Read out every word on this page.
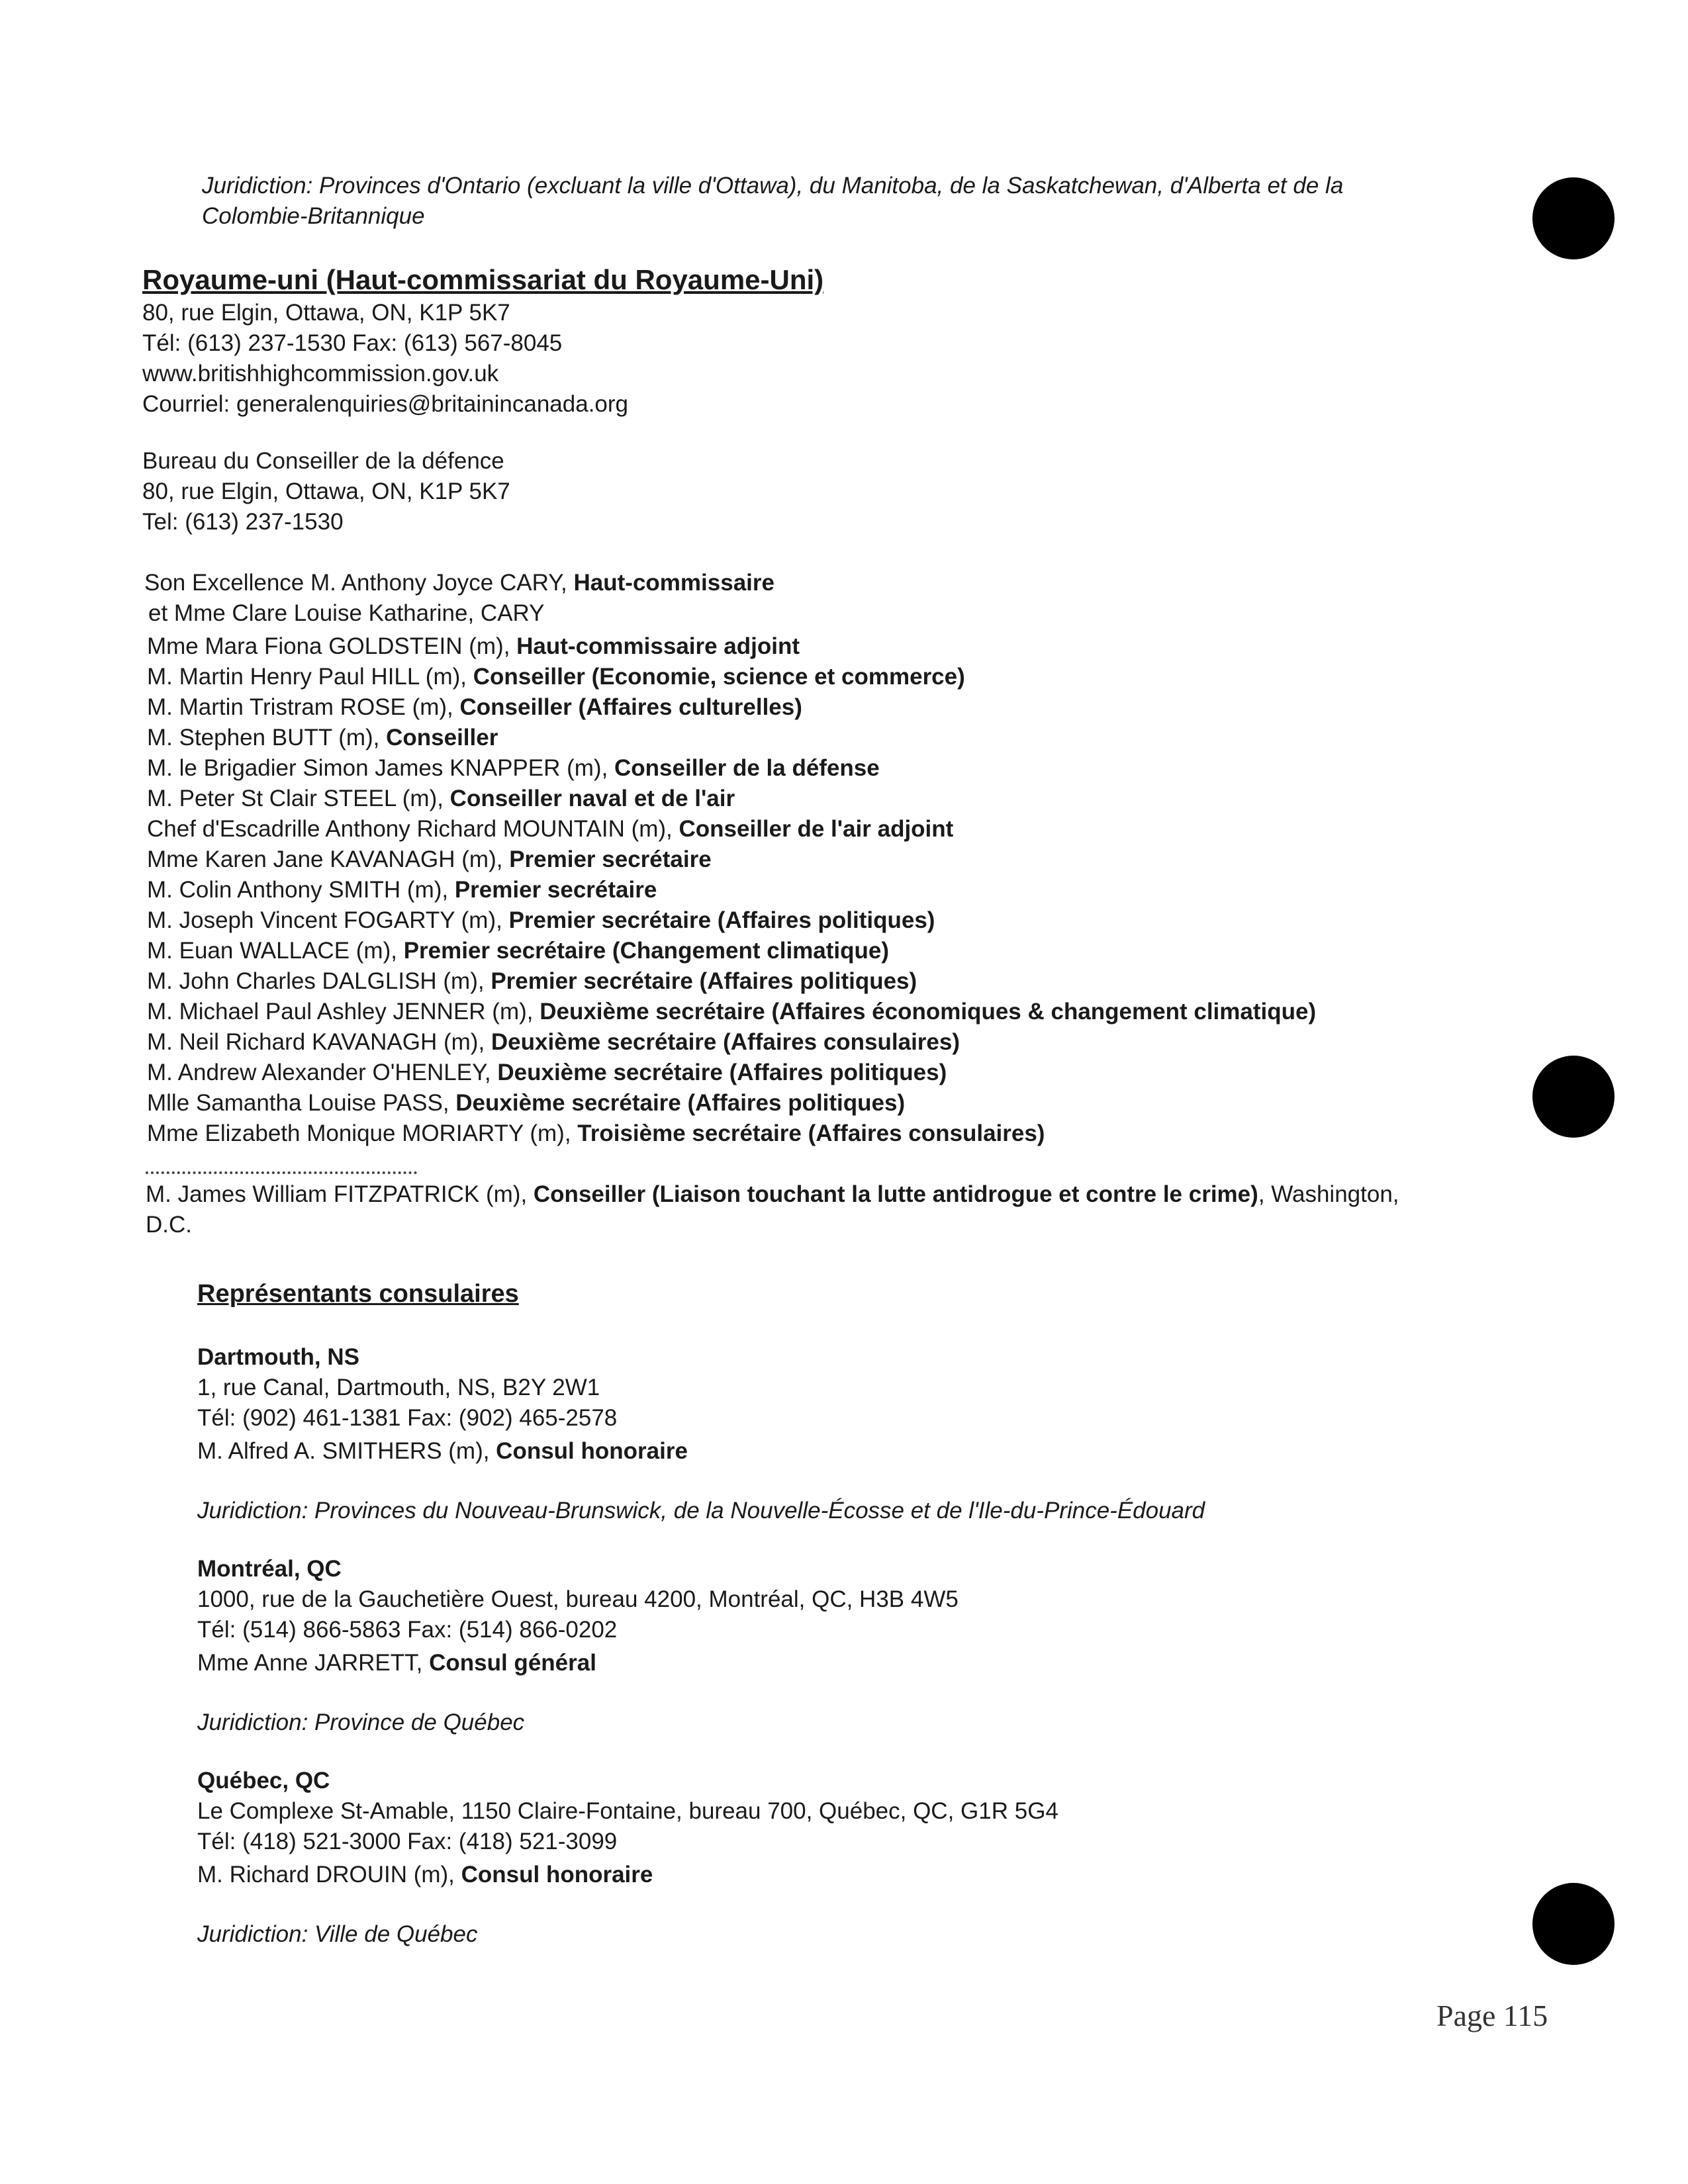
Juridiction: Provinces d'Ontario (excluant la ville d'Ottawa), du Manitoba, de la Saskatchewan, d'Alberta et de la
Colombie-Britannique
Royaume-uni (Haut-commissariat du Royaume-Uni)
80, rue Elgin, Ottawa, ON, K1P 5K7
Tél: (613) 237-1530 Fax: (613) 567-8045
www.britishhighcommission.gov.uk
Courriel: generalenquiries@britainincanada.org
Bureau du Conseiller de la défence
80, rue Elgin, Ottawa, ON, K1P 5K7
Tel: (613) 237-1530
Son Excellence M. Anthony Joyce CARY, Haut-commissaire
et Mme Clare Louise Katharine, CARY
Mme Mara Fiona GOLDSTEIN (m), Haut-commissaire adjoint
M. Martin Henry Paul HILL (m), Conseiller (Economie, science et commerce)
M. Martin Tristram ROSE (m), Conseiller (Affaires culturelles)
M. Stephen BUTT (m), Conseiller
M. le Brigadier Simon James KNAPPER (m), Conseiller de la défense
M. Peter St Clair STEEL (m), Conseiller naval et de l'air
Chef d'Escadrille Anthony Richard MOUNTAIN (m), Conseiller de l'air adjoint
Mme Karen Jane KAVANAGH (m), Premier secrétaire
M. Colin Anthony SMITH (m), Premier secrétaire
M. Joseph Vincent FOGARTY (m), Premier secrétaire (Affaires politiques)
M. Euan WALLACE (m), Premier secrétaire (Changement climatique)
M. John Charles DALGLISH (m), Premier secrétaire (Affaires politiques)
M. Michael Paul Ashley JENNER (m), Deuxième secrétaire (Affaires économiques & changement climatique)
M. Neil Richard KAVANAGH (m), Deuxième secrétaire (Affaires consulaires)
M. Andrew Alexander O'HENLEY, Deuxième secrétaire (Affaires politiques)
Mlle Samantha Louise PASS, Deuxième secrétaire (Affaires politiques)
Mme Elizabeth Monique MORIARTY (m), Troisième secrétaire (Affaires consulaires)
M. James William FITZPATRICK (m), Conseiller (Liaison touchant la lutte antidrogue et contre le crime), Washington,
D.C.
Représentants consulaires
Dartmouth, NS
1, rue Canal, Dartmouth, NS, B2Y 2W1
Tél: (902) 461-1381 Fax: (902) 465-2578
M. Alfred A. SMITHERS (m), Consul honoraire
Juridiction: Provinces du Nouveau-Brunswick, de la Nouvelle-Écosse et de l'Ile-du-Prince-Édouard
Montréal, QC
1000, rue de la Gauchetière Ouest, bureau 4200, Montréal, QC, H3B 4W5
Tél: (514) 866-5863 Fax: (514) 866-0202
Mme Anne JARRETT, Consul général
Juridiction: Province de Québec
Québec, QC
Le Complexe St-Amable, 1150 Claire-Fontaine, bureau 700, Québec, QC, G1R 5G4
Tél: (418) 521-3000 Fax: (418) 521-3099
M. Richard DROUIN (m), Consul honoraire
Juridiction: Ville de Québec
Page 115
